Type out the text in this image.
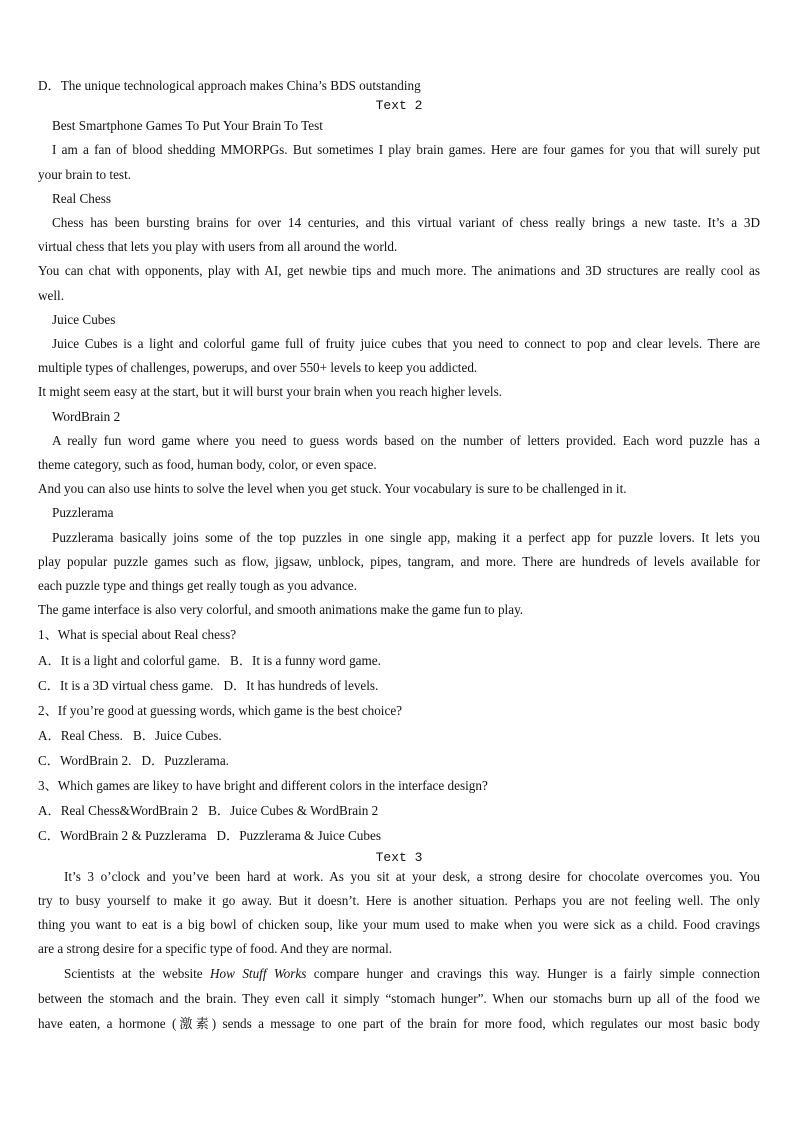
D．The unique technological approach makes China’s BDS outstanding
Text 2
Best Smartphone Games To Put Your Brain To Test
I am a fan of blood shedding MMORPGs. But sometimes I play brain games. Here are four games for you that will surely put
your brain to test.
Real Chess
Chess has been bursting brains for over 14 centuries, and this virtual variant of chess really brings a new taste. It’s a 3D
virtual chess that lets you play with users from all around the world.
You can chat with opponents, play with AI, get newbie tips and much more. The animations and 3D structures are really cool as
well.
Juice Cubes
Juice Cubes is a light and colorful game full of fruity juice cubes that you need to connect to pop and clear levels. There are
multiple types of challenges, powerups, and over 550+ levels to keep you addicted.
It might seem easy at the start, but it will burst your brain when you reach higher levels.
WordBrain 2
A really fun word game where you need to guess words based on the number of letters provided. Each word puzzle has a
theme category, such as food, human body, color, or even space.
And you can also use hints to solve the level when you get stuck. Your vocabulary is sure to be challenged in it.
Puzzlerama
Puzzlerama basically joins some of the top puzzles in one single app, making it a perfect app for puzzle lovers. It lets you
play popular puzzle games such as flow, jigsaw, unblock, pipes, tangram, and more. There are hundreds of levels available for
each puzzle type and things get really tough as you advance.
The game interface is also very colorful, and smooth animations make the game fun to play.
1、What is special about Real chess?
A．It is a light and colorful game. B．It is a funny word game.
C．It is a 3D virtual chess game. D．It has hundreds of levels.
2、If you’re good at guessing words, which game is the best choice?
A．Real Chess. B．Juice Cubes.
C．WordBrain 2. D．Puzzlerama.
3、Which games are likey to have bright and different colors in the interface design?
A．Real Chess&WordBrain 2 B．Juice Cubes & WordBrain 2
C．WordBrain 2 & Puzzlerama D．Puzzlerama & Juice Cubes
Text 3
It’s 3 o’clock and you’ve been hard at work. As you sit at your desk, a strong desire for chocolate overcomes you. You
try to busy yourself to make it go away. But it doesn’t. Here is another situation. Perhaps you are not feeling well. The only
thing you want to eat is a big bowl of chicken soup, like your mum used to make when you were sick as a child. Food cravings
are a strong desire for a specific type of food. And they are normal.
Scientists at the website How Stuff Works compare hunger and cravings this way. Hunger is a fairly simple connection
between the stomach and the brain. They even call it simply “stomach hunger”. When our stomachs burn up all of the food we
have eaten, a hormone (激素) sends a message to one part of the brain for more food, which regulates our most basic body
